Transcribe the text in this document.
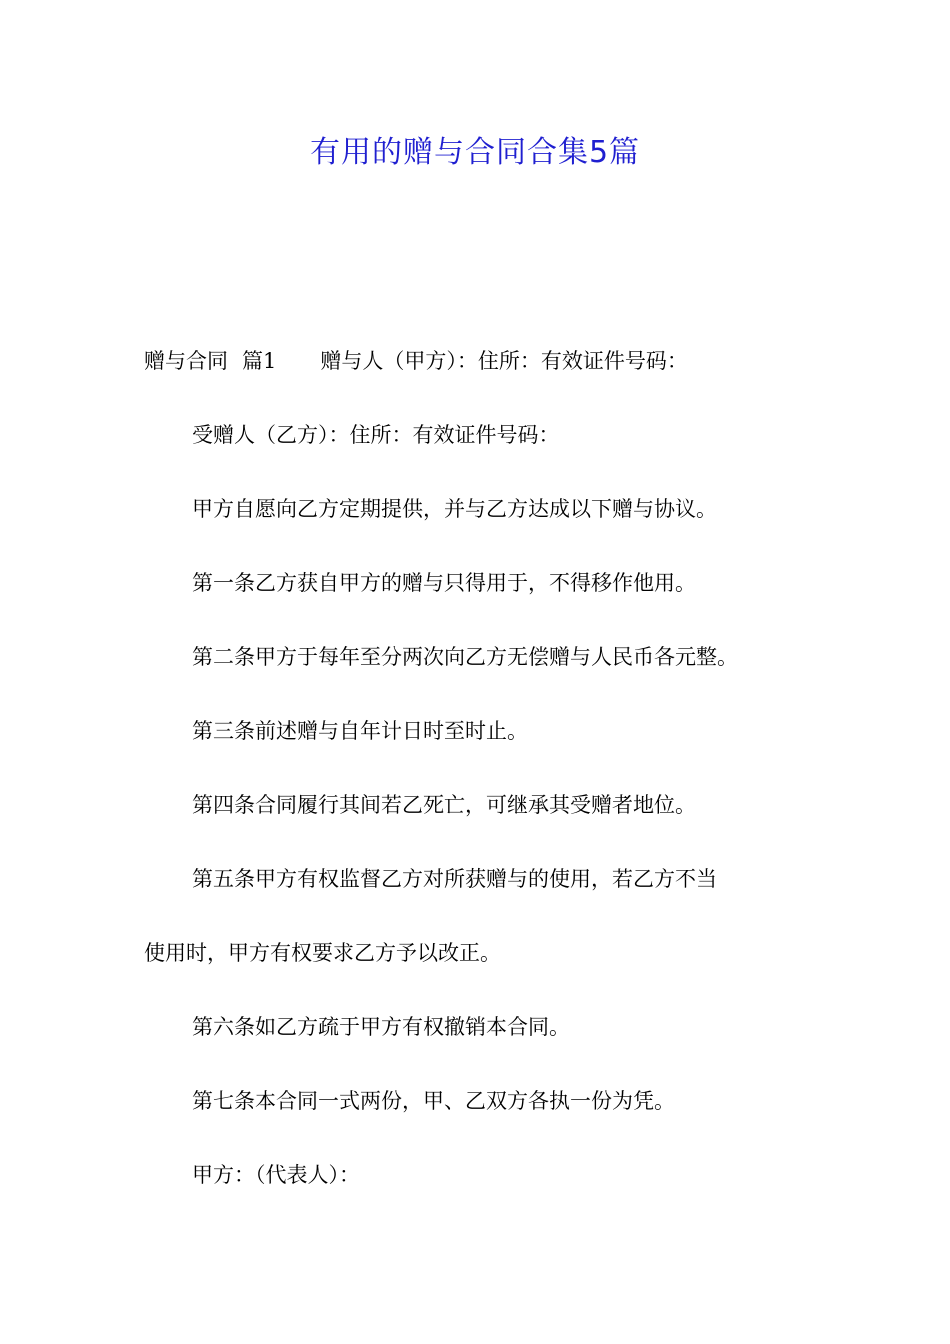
有用的赠与合同合集5篇
赠与合同 篇1 赠与人（甲方）：住所：有效证件号码：
受赠人（乙方）：住所：有效证件号码：
甲方自愿向乙方定期提供，并与乙方达成以下赠与协议。
第一条乙方获自甲方的赠与只得用于，不得移作他用。
第二条甲方于每年至分两次向乙方无偿赠与人民币各元整。
第三条前述赠与自年计日时至时止。
第四条合同履行其间若乙死亡，可继承其受赠者地位。
第五条甲方有权监督乙方对所获赠与的使用，若乙方不当
使用时，甲方有权要求乙方予以改正。
第六条如乙方疏于甲方有权撤销本合同。
第七条本合同一式两份，甲、乙双方各执一份为凭。
甲方：（代表人）：
